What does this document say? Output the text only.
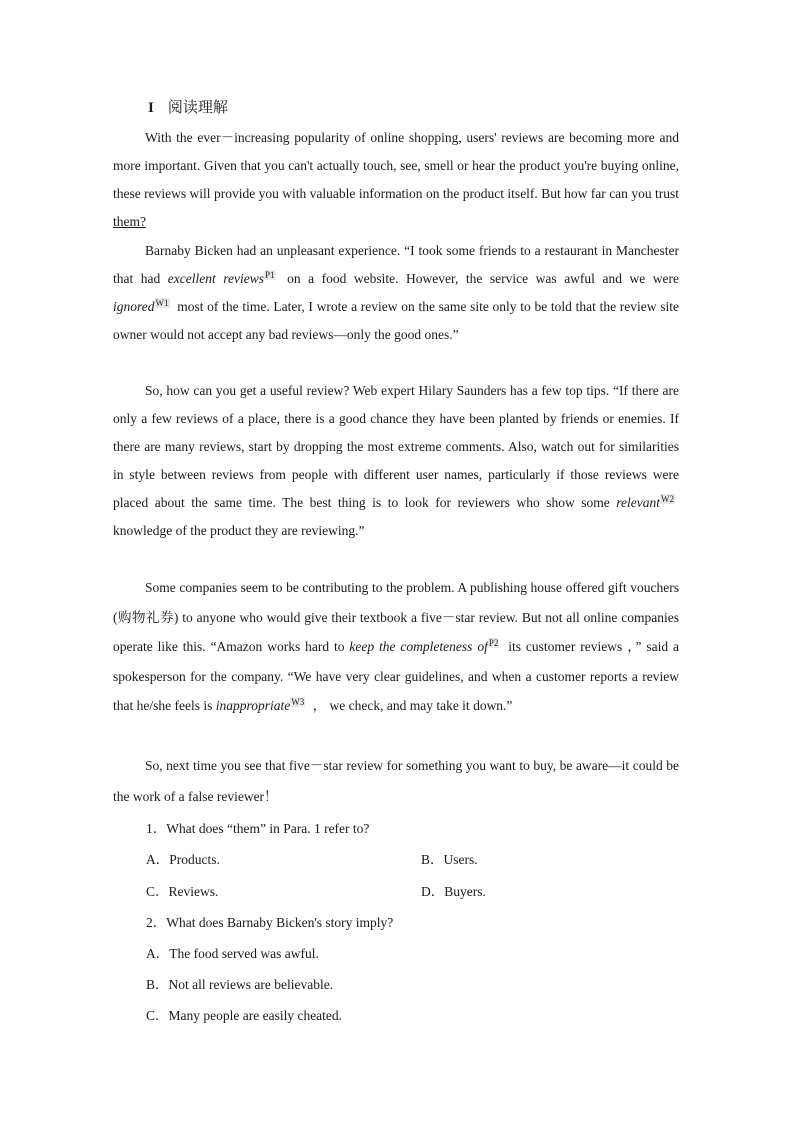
I 阅读理解

With the ever－increasing popularity of online shopping, users' reviews are becoming more and more important. Given that you can't actually touch, see, smell or hear the product you're buying online, these reviews will provide you with valuable information on the product itself. But how far can you trust them?

Barnaby Bicken had an unpleasant experience. “I took some friends to a restaurant in Manchester that had excellent reviews$^{P1}$ on a food website. However, the service was awful and we were ignored$^{W1}$ most of the time. Later, I wrote a review on the same site only to be told that the review site owner would not accept any bad reviews—only the good ones.”

So, how can you get a useful review? Web expert Hilary Saunders has a few top tips. “If there are only a few reviews of a place, there is a good chance they have been planted by friends or enemies. If there are many reviews, start by dropping the most extreme comments. Also, watch out for similarities in style between reviews from people with different user names, particularly if those reviews were placed about the same time. The best thing is to look for reviewers who show some relevant$^{W2}$ knowledge of the product they are reviewing.”

Some companies seem to be contributing to the problem. A publishing house offered gift vouchers (购物礼券) to anyone who would give their textbook a five－star review. But not all online companies operate like this. “Amazon works hard to keep the completeness $of^{P2}$ its customer reviews ，” said a spokesperson for the company. “We have very clear guidelines, and when a customer reports a review that he/she feels is inappropriate$^{W3}$ ， we check, and may take it down.”

So, next time you see that five－star review for something you want to buy, be aware—it could be the work of a false reviewer！

1．What does “them” in Para. 1 refer to?
A．Products.	B．Users.
C．Reviews.	D．Buyers.
2．What does Barnaby Bicken's story imply?
A．The food served was awful.
B．Not all reviews are believable.
C．Many people are easily cheated.
